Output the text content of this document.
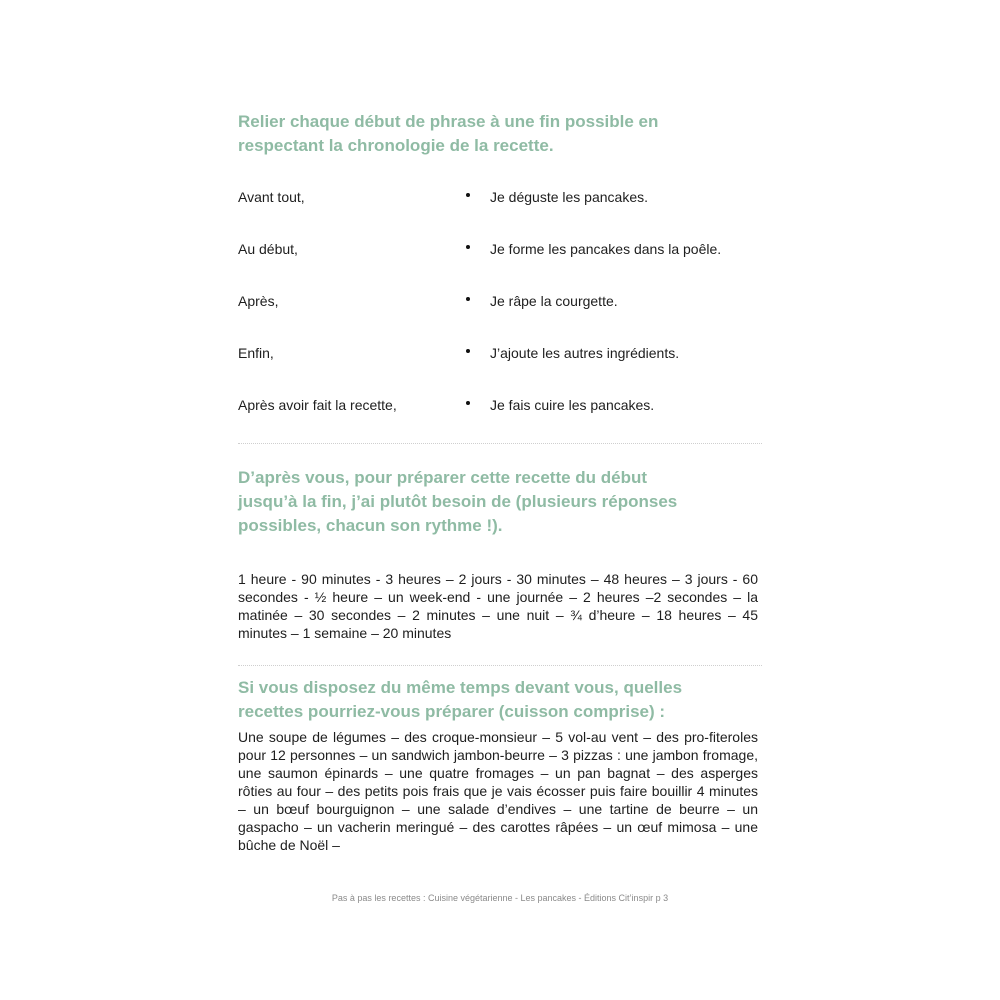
Relier chaque début de phrase à une fin possible en
respectant la chronologie de la recette.
Avant tout,	Je déguste les pancakes.
Au début,	Je forme les pancakes dans la poêle.
Après,	Je râpe la courgette.
Enfin,	J’ajoute les autres ingrédients.
Après avoir fait la recette,	Je fais cuire les pancakes.
D’après vous, pour préparer cette recette du début
jusqu’à la fin, j’ai plutôt besoin de (plusieurs réponses
possibles, chacun son rythme !).

1 heure - 90 minutes - 3 heures – 2 jours - 30 minutes – 48 heures – 3 jours - 60 secondes - ½ heure – un week-end - une journée – 2 heures –2 secondes – la matinée – 30 secondes – 2 minutes – une nuit – ¾ d’heure – 18 heures – 45 minutes – 1 semaine – 20 minutes

Si vous disposez du même temps devant vous, quelles
recettes pourriez-vous préparer (cuisson comprise) :

Une soupe de légumes – des croque-monsieur – 5 vol-au vent – des pro-fiteroles pour 12 personnes – un sandwich jambon-beurre – 3 pizzas : une jambon fromage, une saumon épinards – une quatre fromages – un pan bagnat – des asperges rôties au four – des petits pois frais que je vais écosser puis faire bouillir 4 minutes – un bœuf bourguignon – une salade d’endives – une tartine de beurre – un gaspacho – un vacherin meringué – des carottes râpées – un œuf mimosa – une bûche de Noël –

Pas à pas les recettes : Cuisine végétarienne - Les pancakes - Éditions Cit’inspir p 3
